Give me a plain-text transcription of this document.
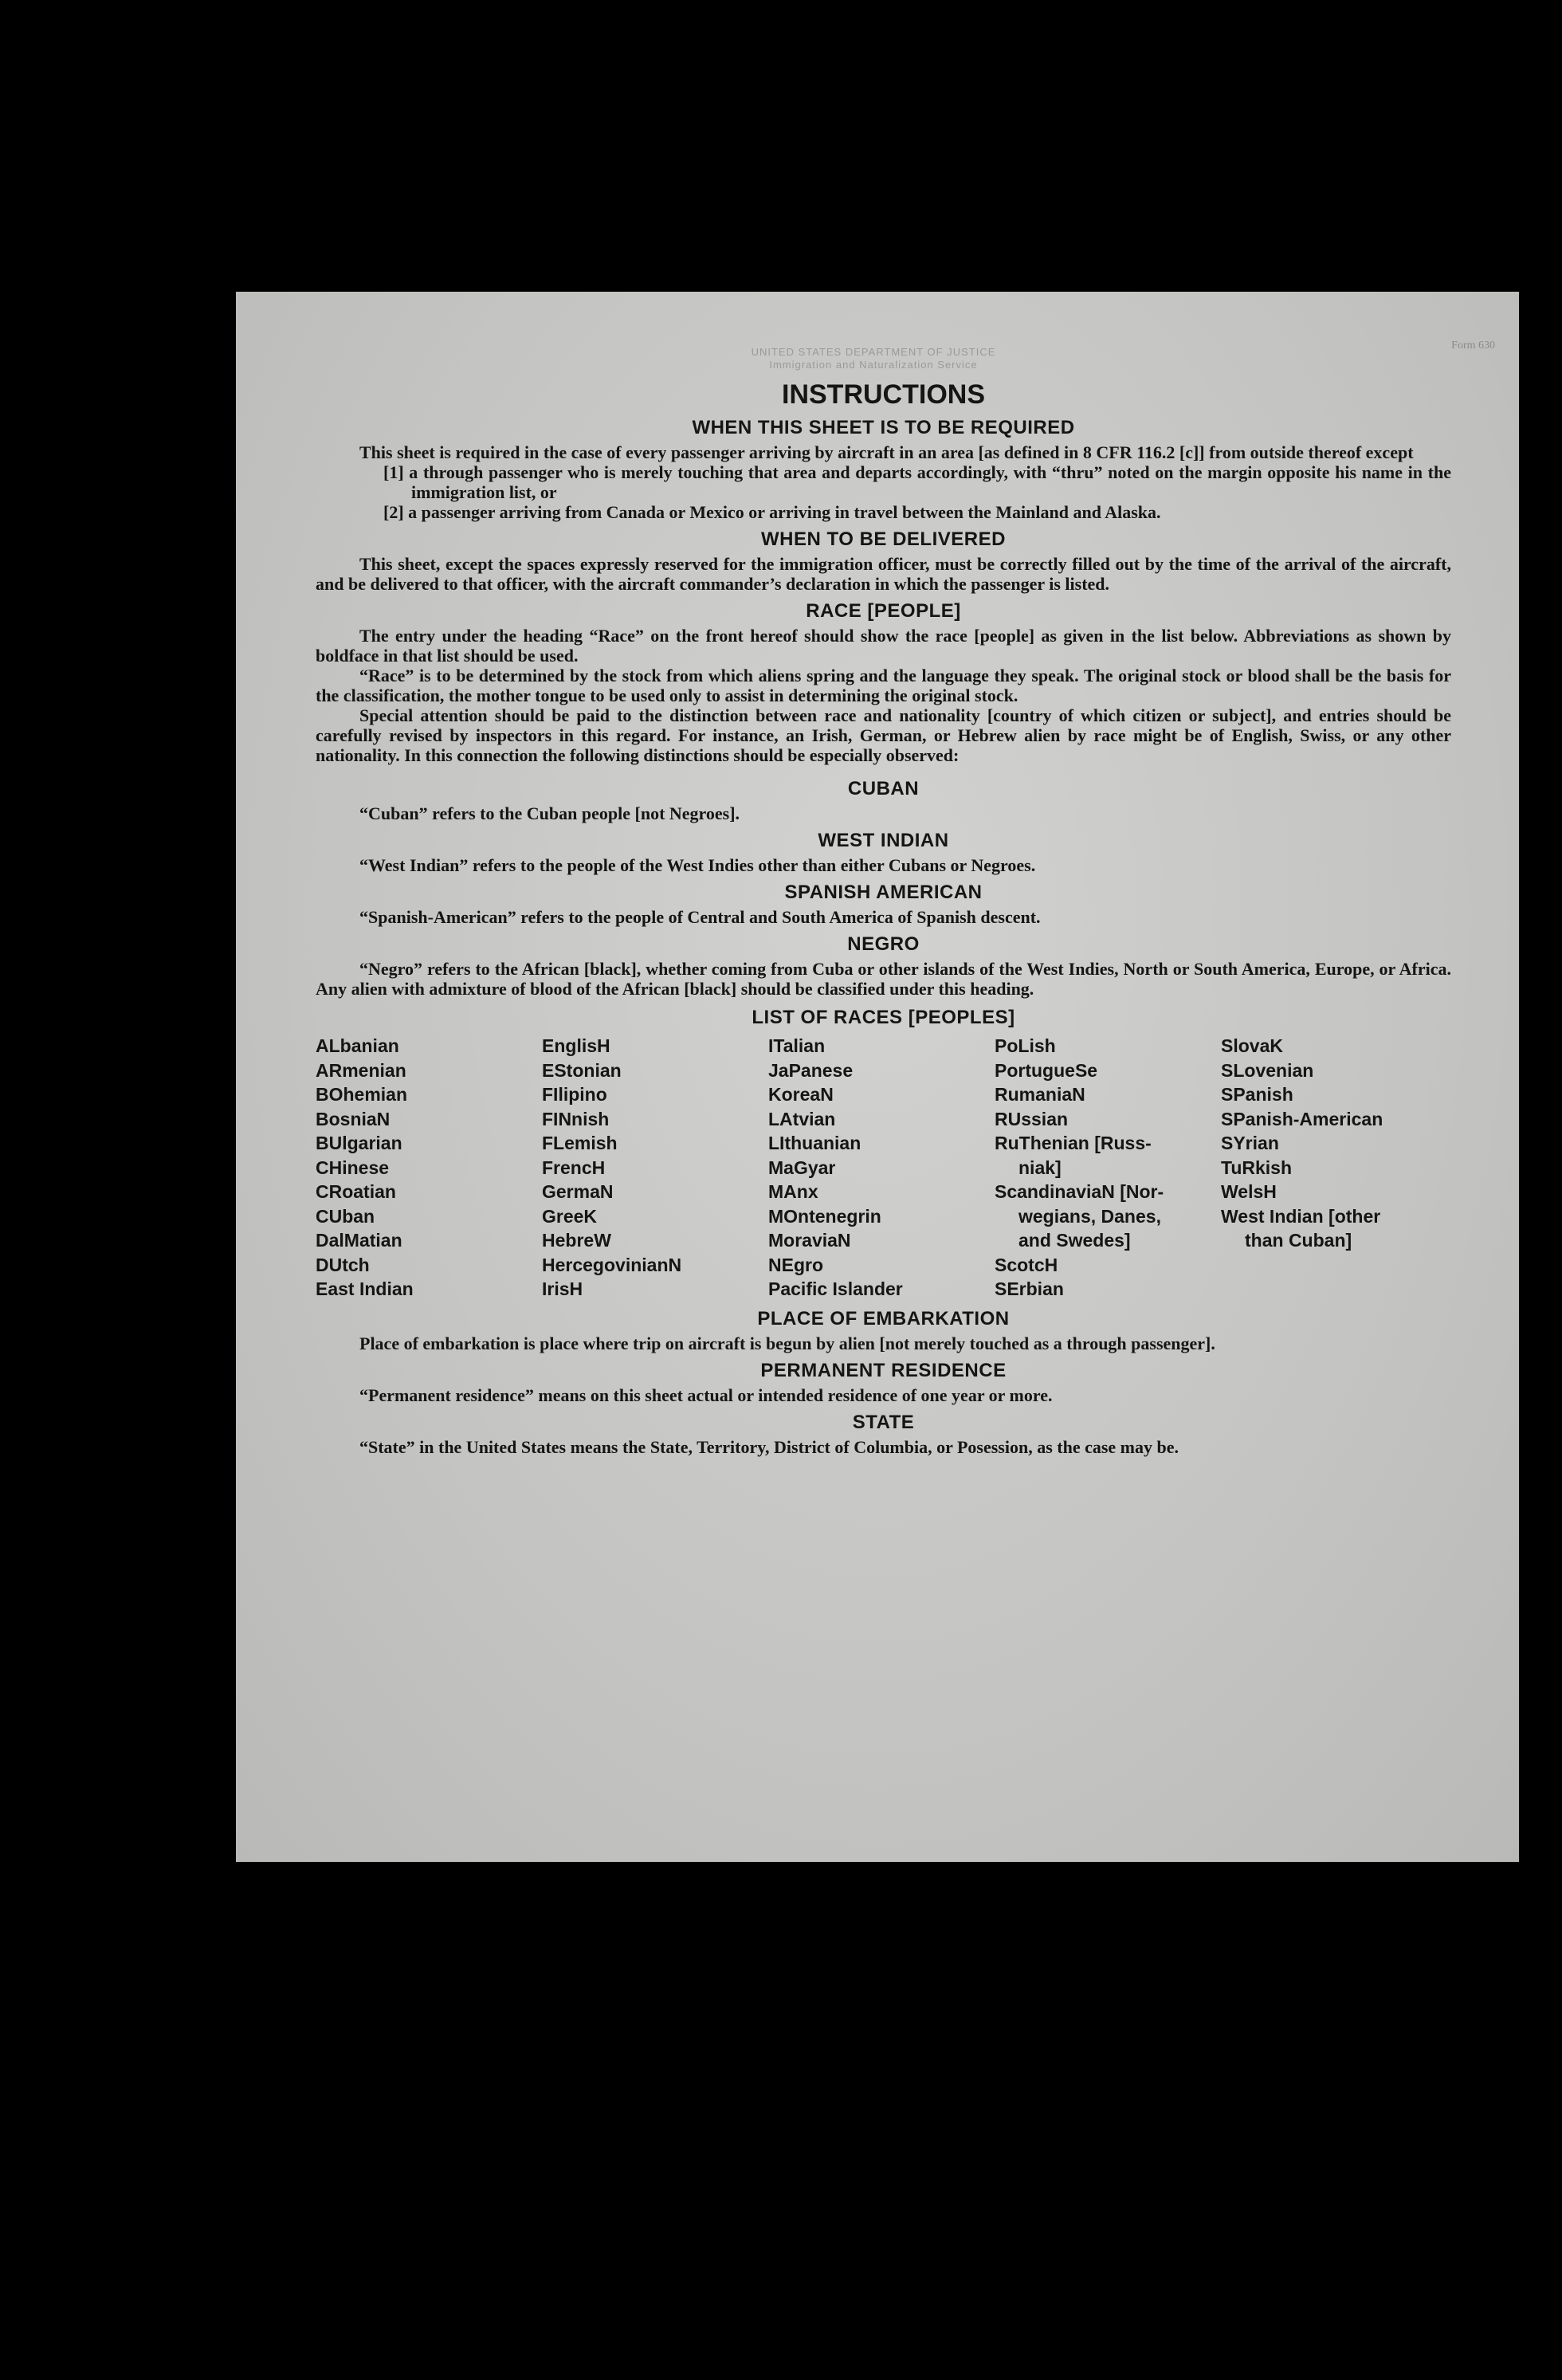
Form 630
UNITED STATES DEPARTMENT OF JUSTICE
Immigration and Naturalization Service
INSTRUCTIONS
WHEN THIS SHEET IS TO BE REQUIRED

This sheet is required in the case of every passenger arriving by aircraft in an area [as defined in 8 CFR 116.2 [c]] from outside thereof except

[1] a through passenger who is merely touching that area and departs accordingly, with “thru” noted on the margin opposite his name in the immigration list, or
[2] a passenger arriving from Canada or Mexico or arriving in travel between the Mainland and Alaska.
WHEN TO BE DELIVERED

This sheet, except the spaces expressly reserved for the immigration officer, must be correctly filled out by the time of the arrival of the aircraft, and be delivered to that officer, with the aircraft commander’s declaration in which the passenger is listed.

RACE [PEOPLE]

The entry under the heading “Race” on the front hereof should show the race [people] as given in the list below. Abbreviations as shown by boldface in that list should be used.

“Race” is to be determined by the stock from which aliens spring and the language they speak. The original stock or blood shall be the basis for the classification, the mother tongue to be used only to assist in determining the original stock.

Special attention should be paid to the distinction between race and nationality [country of which citizen or subject], and entries should be carefully revised by inspectors in this regard. For instance, an Irish, German, or Hebrew alien by race might be of English, Swiss, or any other nationality. In this connection the following distinctions should be especially observed:

CUBAN

“Cuban” refers to the Cuban people [not Negroes].

WEST INDIAN

“West Indian” refers to the people of the West Indies other than either Cubans or Negroes.

SPANISH AMERICAN

“Spanish-American” refers to the people of Central and South America of Spanish descent.

NEGRO

“Negro” refers to the African [black], whether coming from Cuba or other islands of the West Indies, North or South America, Europe, or Africa. Any alien with admixture of blood of the African [black] should be classified under this heading.

LIST OF RACES [PEOPLES]
ALbanian
ARmenian
BOhemian
BosniaN
BUlgarian
CHinese
CRoatian
CUban
DalMatian
DUtch
East Indian
EnglisH
EStonian
FIlipino
FINnish
FLemish
FrencH
GermaN
GreeK
HebreW
HercegovinianN
IrisH
ITalian
JaPanese
KoreaN
LAtvian
LIthuanian
MaGyar
MAnx
MOntenegrin
MoraviaN
NEgro
Pacific Islander
PoLish
PortugueSe
RumaniaN
RUssian
RuThenian [Russ-
niak]
ScandinaviaN [Nor-
wegians, Danes,
and Swedes]
ScotcH
SErbian
SlovaK
SLovenian
SPanish
SPanish-American
SYrian
TuRkish
WelsH
West Indian [other
than Cuban]
PLACE OF EMBARKATION

Place of embarkation is place where trip on aircraft is begun by alien [not merely touched as a through passenger].

PERMANENT RESIDENCE

“Permanent residence” means on this sheet actual or intended residence of one year or more.

STATE

“State” in the United States means the State, Territory, District of Columbia, or Posession, as the case may be.
